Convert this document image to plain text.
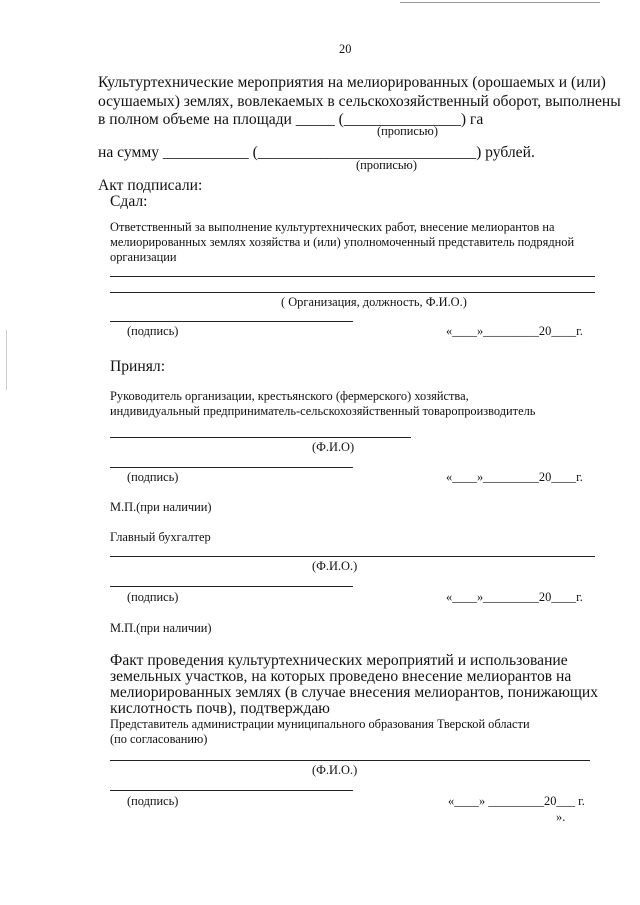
20
Культуртехнические мероприятия на мелиорированных (орошаемых и (или)
осушаемых) землях, вовлекаемых в сельскохозяйственный оборот, выполнены
в полном объеме на площади _____ (_______________) га
(прописью)
на сумму ___________ (____________________________) рублей.
(прописью)
Акт подписали:
Сдал:
Ответственный за выполнение культуртехнических работ, внесение мелиорантов на
мелиорированных землях хозяйства и (или) уполномоченный представитель подрядной
организации
( Организация, должность, Ф.И.О.)
(подпись)	«____»_________20____г.
Принял:
Руководитель организации, крестьянского (фермерского) хозяйства,
индивидуальный предприниматель-сельскохозяйственный товаропроизводитель
(Ф.И.О)
(подпись)	«____»_________20____г.
М.П.(при наличии)
Главный бухгалтер
(Ф.И.О.)
(подпись)	«____»_________20____г.
М.П.(при наличии)
Факт проведения культуртехнических мероприятий и использование
земельных участков, на которых проведено внесение мелиорантов на
мелиорированных землях (в случае внесения мелиорантов, понижающих
кислотность почв), подтверждаю
Представитель администрации муниципального образования Тверской области
(по согласованию)
(Ф.И.О.)
(подпись)	«____» _________20___ г.
».
